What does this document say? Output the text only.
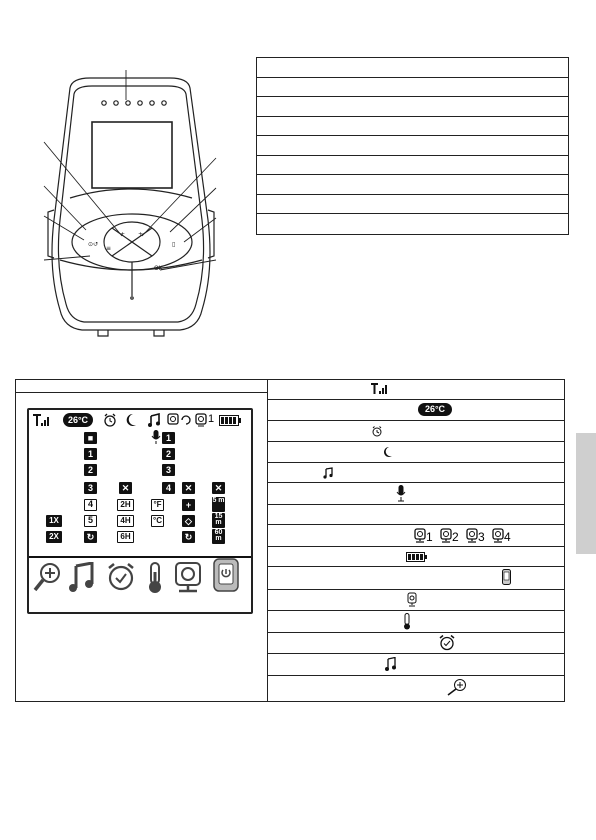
≡
OK
⊙↺	▯
+ +
26°C	1
■
1
2
3
4
5
↻
1X
2X
✕
2H
4H
6H
1
2
3
4
°F
°C
✕
+
◇
↻
✕
5 m
15 m
60 m
26°C
1 2 3 4
